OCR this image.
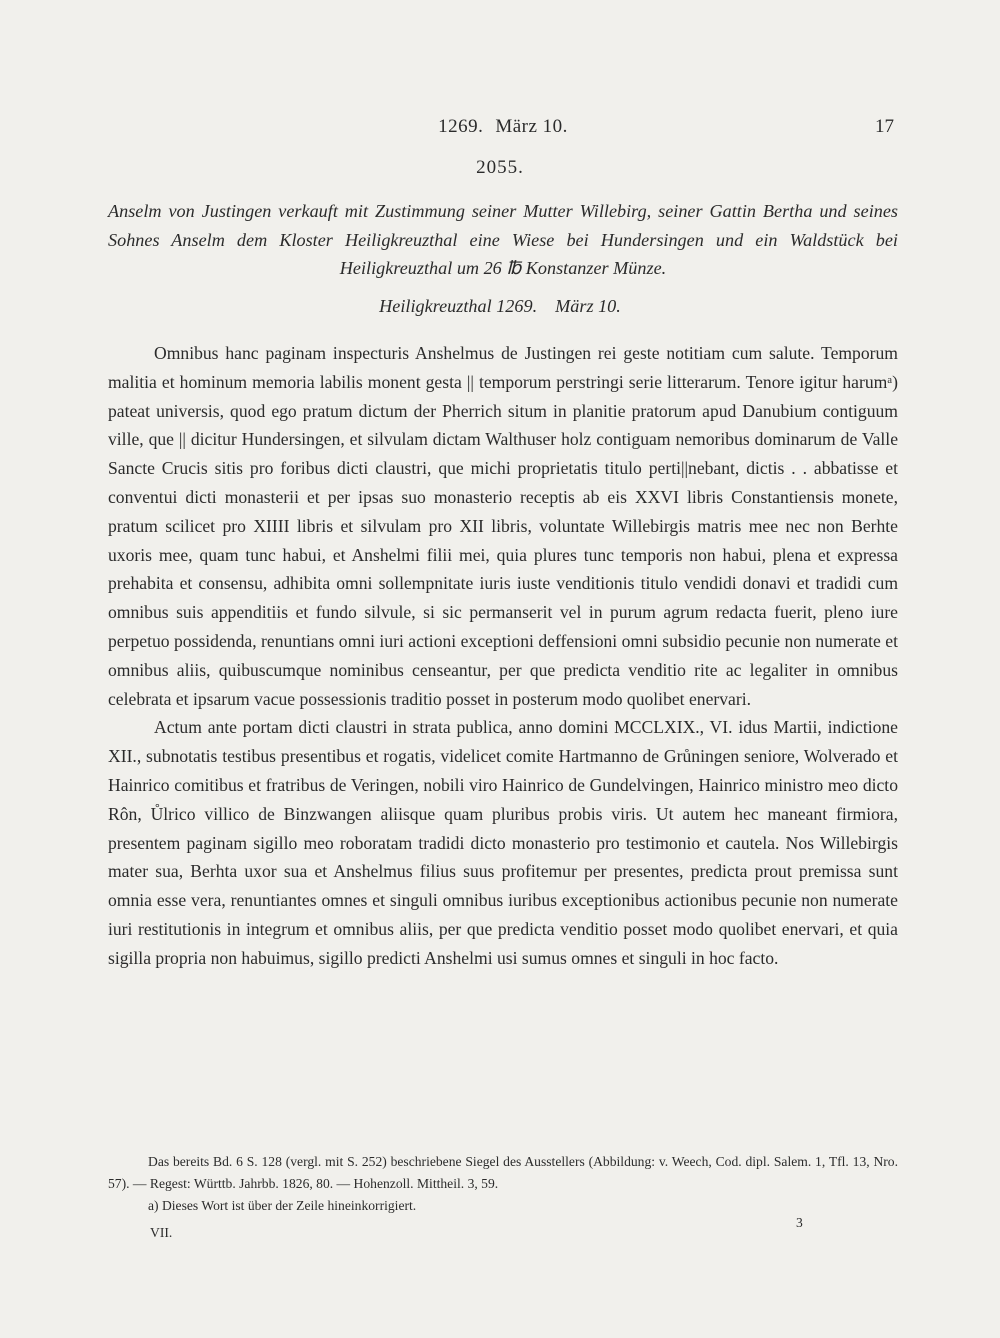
1269. März 10.	17
2055.
Anselm von Justingen verkauft mit Zustimmung seiner Mutter Willebirg, seiner Gattin Bertha und seines Sohnes Anselm dem Kloster Heiligkreuzthal eine Wiese bei Hundersingen und ein Waldstück bei Heiligkreuzthal um 26 ℔ Konstanzer Münze.
Heiligkreuzthal 1269. März 10.

Omnibus hanc paginam inspecturis Anshelmus de Justingen rei geste notitiam cum salute. Temporum malitia et hominum memoria labilis monent gesta || temporum perstringi serie litterarum. Tenore igitur harumᵃ) pateat universis, quod ego pratum dictum der Pherrich situm in planitie pratorum apud Danubium contiguum ville, que || dicitur Hundersingen, et silvulam dictam Walthuser holz contiguam nemoribus dominarum de Valle Sancte Crucis sitis pro foribus dicti claustri, que michi proprietatis titulo perti||nebant, dictis . . abbatisse et conventui dicti monasterii et per ipsas suo monasterio receptis ab eis XXVI libris Constantiensis monete, pratum scilicet pro XIIII libris et silvulam pro XII libris, voluntate Willebirgis matris mee nec non Berhte uxoris mee, quam tunc habui, et Anshelmi filii mei, quia plures tunc temporis non habui, plena et expressa prehabita et consensu, adhibita omni sollempnitate iuris iuste venditionis titulo vendidi donavi et tradidi cum omnibus suis appenditiis et fundo silvule, si sic permanserit vel in purum agrum redacta fuerit, pleno iure perpetuo possidenda, renuntians omni iuri actioni exceptioni deffensioni omni subsidio pecunie non numerate et omnibus aliis, quibuscumque nominibus censeantur, per que predicta venditio rite ac legaliter in omnibus celebrata et ipsarum vacue possessionis traditio posset in posterum modo quolibet enervari.

Actum ante portam dicti claustri in strata publica, anno domini MCCLXIX., VI. idus Martii, indictione XII., subnotatis testibus presentibus et rogatis, videlicet comite Hartmanno de Grůningen seniore, Wolverado et Hainrico comitibus et fratribus de Veringen, nobili viro Hainrico de Gundelvingen, Hainrico ministro meo dicto Rôn, Ůlrico villico de Binzwangen aliisque quam pluribus probis viris. Ut autem hec maneant firmiora, presentem paginam sigillo meo roboratam tradidi dicto monasterio pro testimonio et cautela. Nos Willebirgis mater sua, Berhta uxor sua et Anshelmus filius suus profitemur per presentes, predicta prout premissa sunt omnia esse vera, renuntiantes omnes et singuli omnibus iuribus exceptionibus actionibus pecunie non numerate iuri restitutionis in integrum et omnibus aliis, per que predicta venditio posset modo quolibet enervari, et quia sigilla propria non habuimus, sigillo predicti Anshelmi usi sumus omnes et singuli in hoc facto.

Das bereits Bd. 6 S. 128 (vergl. mit S. 252) beschriebene Siegel des Ausstellers (Abbildung: v. Weech, Cod. dipl. Salem. 1, Tfl. 13, Nro. 57). — Regest: Württb. Jahrbb. 1826, 80. — Hohenzoll. Mittheil. 3, 59.

a) Dieses Wort ist über der Zeile hineinkorrigiert.

VII.
3
